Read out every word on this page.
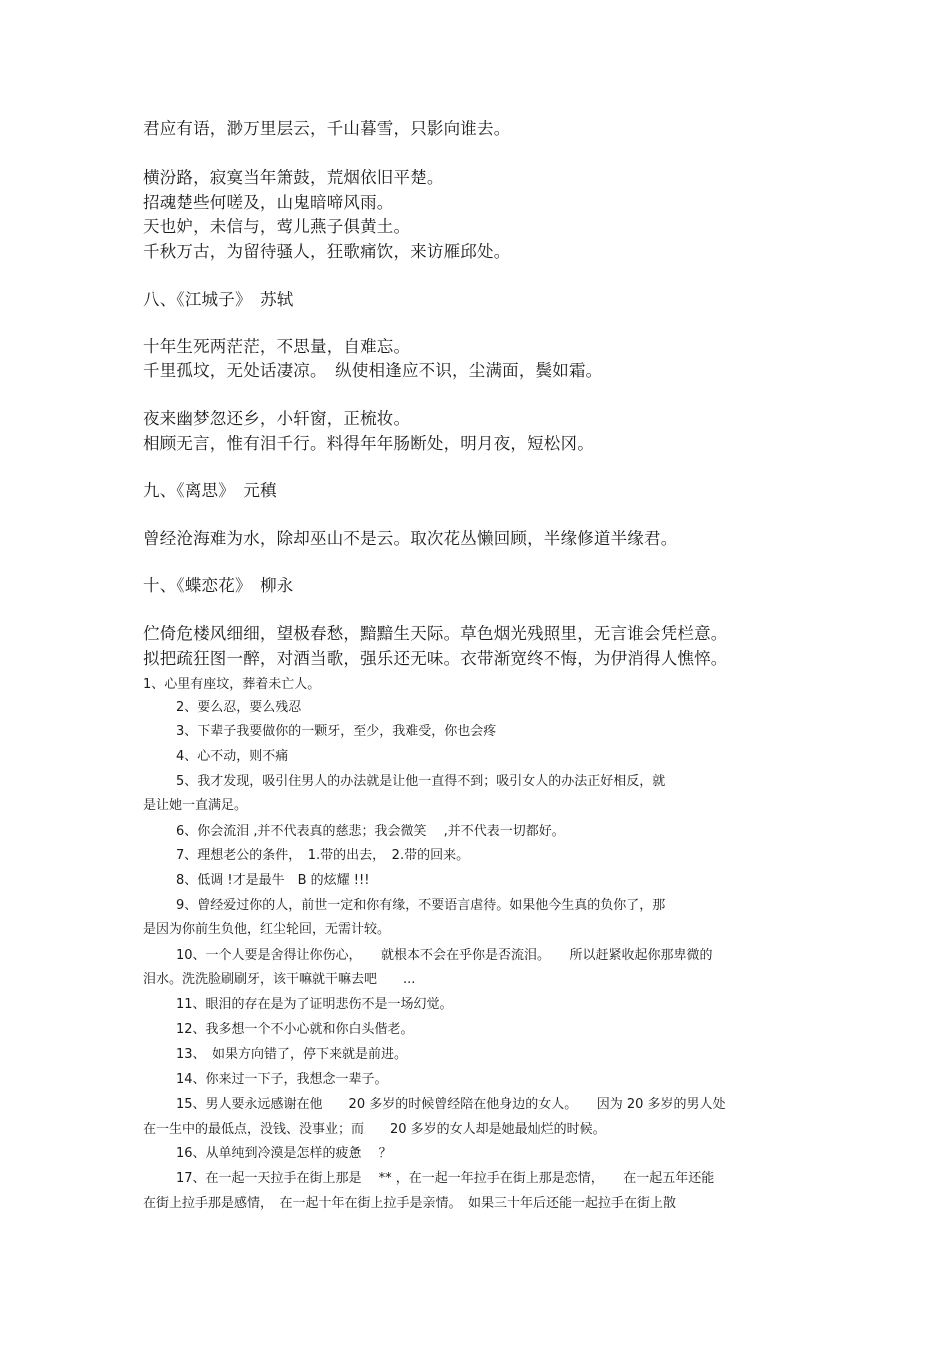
君应有语，渺万里层云，千山暮雪，只影向谁去。
横汾路，寂寞当年箫鼓，荒烟依旧平楚。
招魂楚些何嗟及，山鬼暗啼风雨。
天也妒，未信与，莺儿燕子俱黄土。
千秋万古，为留待骚人，狂歌痛饮，来访雁邱处。
八、《江城子》　苏轼
十年生死两茫茫，不思量，自难忘。
千里孤坟，无处话凄凉。　纵使相逢应不识，尘满面，鬓如霜。
夜来幽梦忽还乡，小轩窗，正梳妆。
相顾无言，惟有泪千行。料得年年肠断处，明月夜，短松冈。
九、《离思》　元稹
曾经沧海难为水，除却巫山不是云。取次花丛懒回顾，半缘修道半缘君。
十、《蝶恋花》　柳永
伫倚危楼风细细，望极春愁，黯黯生天际。草色烟光残照里，无言谁会凭栏意。
拟把疏狂图一醉，对酒当歌，强乐还无味。衣带渐宽终不悔，为伊消得人憔悴。
1、心里有座坟，葬着未亡人。
2、要么忍，要么残忍
3、下辈子我要做你的一颗牙，至少，我难受，你也会疼
4、心不动，则不痛
5、我才发现，吸引住男人的办法就是让他一直得不到；吸引女人的办法正好相反，就
是让她一直满足。
6、你会流泪 ,并不代表真的慈悲；我会微笑 　,并不代表一切都好。
7、理想老公的条件，　1.带的出去，　2.带的回来。
8、低调 !才是最牛　B 的炫耀 !!!
9、曾经爱过你的人，前世一定和你有缘，不要语言虐待。如果他今生真的负你了，那
是因为你前生负他，红尘轮回，无需计较。
10、一个人要是舍得让你伤心，　　就根本不会在乎你是否流泪。　　所以赶紧收起你那卑微的
泪水。洗洗脸刷刷牙，该干嘛就干嘛去吧　　...
11、眼泪的存在是为了证明悲伤不是一场幻觉。
12、我多想一个不小心就和你白头偕老。
13、　如果方向错了，停下来就是前进。
14、你来过一下子，我想念一辈子。
15、男人要永远感谢在他　　20 多岁的时候曾经陪在他身边的女人。　　因为 20 多岁的男人处
在一生中的最低点，没钱、没事业；而　　20 多岁的女人却是她最灿烂的时候。
16、从单纯到冷漠是怎样的疲惫　 ？
17、在一起一天拉手在街上那是　 ** ，在一起一年拉手在街上那是恋情，　　在一起五年还能
在街上拉手那是感情，　在一起十年在街上拉手是亲情。　如果三十年后还能一起拉手在街上散
